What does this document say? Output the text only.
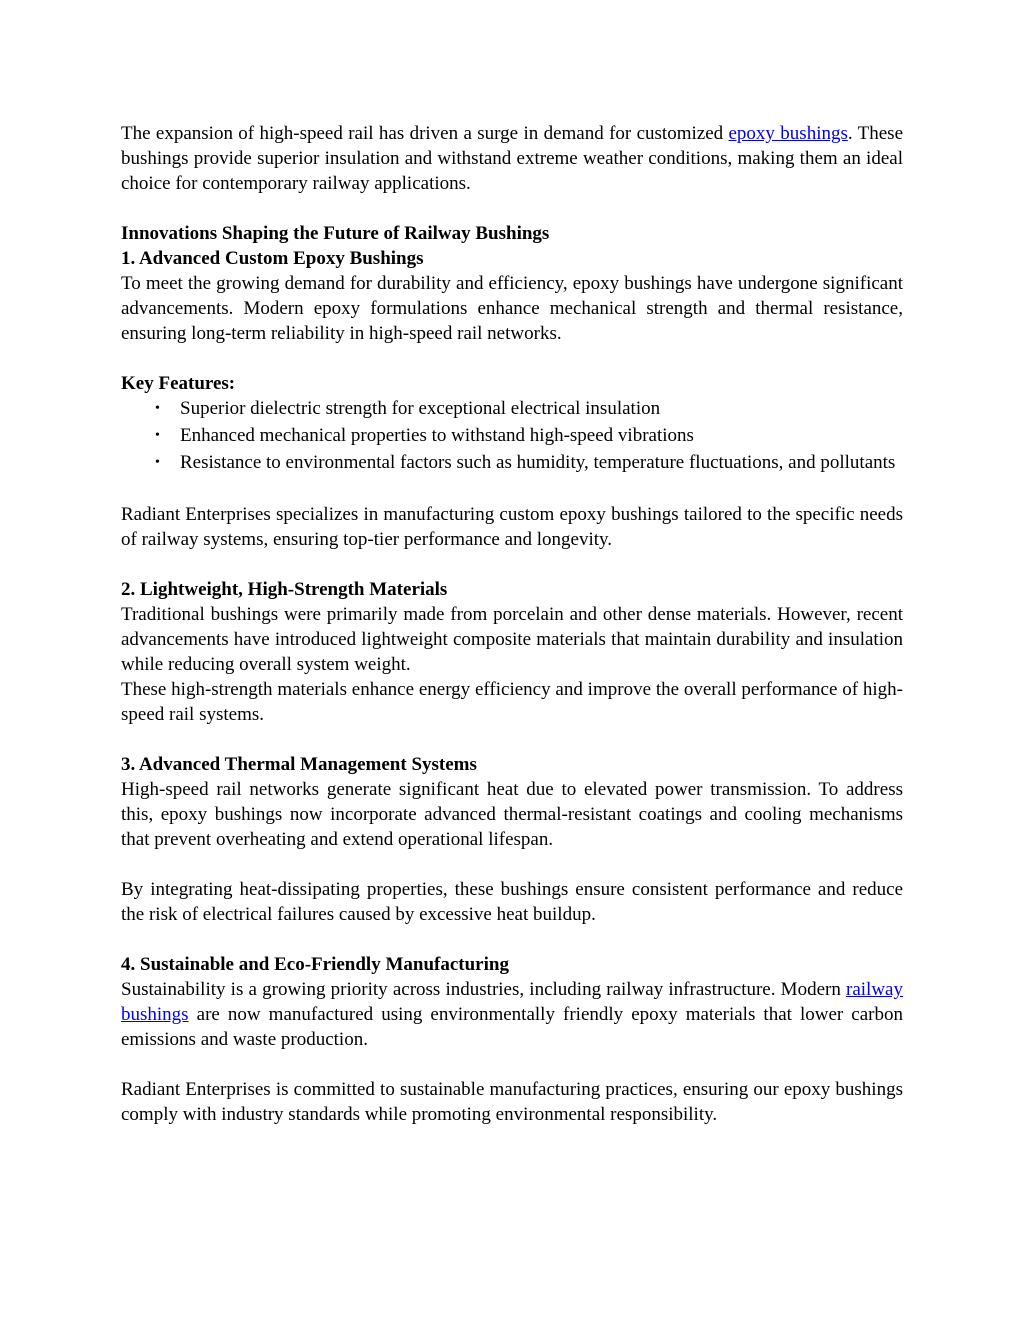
The expansion of high-speed rail has driven a surge in demand for customized epoxy bushings. These bushings provide superior insulation and withstand extreme weather conditions, making them an ideal choice for contemporary railway applications.

Innovations Shaping the Future of Railway Bushings

1. Advanced Custom Epoxy Bushings

To meet the growing demand for durability and efficiency, epoxy bushings have undergone significant advancements. Modern epoxy formulations enhance mechanical strength and thermal resistance, ensuring long-term reliability in high-speed rail networks.

Key Features:

• Superior dielectric strength for exceptional electrical insulation
• Enhanced mechanical properties to withstand high-speed vibrations
• Resistance to environmental factors such as humidity, temperature fluctuations, and pollutants

Radiant Enterprises specializes in manufacturing custom epoxy bushings tailored to the specific needs of railway systems, ensuring top-tier performance and longevity.

2. Lightweight, High-Strength Materials

Traditional bushings were primarily made from porcelain and other dense materials. However, recent advancements have introduced lightweight composite materials that maintain durability and insulation while reducing overall system weight.

These high-strength materials enhance energy efficiency and improve the overall performance of high-speed rail systems.

3. Advanced Thermal Management Systems

High-speed rail networks generate significant heat due to elevated power transmission. To address this, epoxy bushings now incorporate advanced thermal-resistant coatings and cooling mechanisms that prevent overheating and extend operational lifespan.

By integrating heat-dissipating properties, these bushings ensure consistent performance and reduce the risk of electrical failures caused by excessive heat buildup.

4. Sustainable and Eco-Friendly Manufacturing

Sustainability is a growing priority across industries, including railway infrastructure. Modern railway bushings are now manufactured using environmentally friendly epoxy materials that lower carbon emissions and waste production.

Radiant Enterprises is committed to sustainable manufacturing practices, ensuring our epoxy bushings comply with industry standards while promoting environmental responsibility.
